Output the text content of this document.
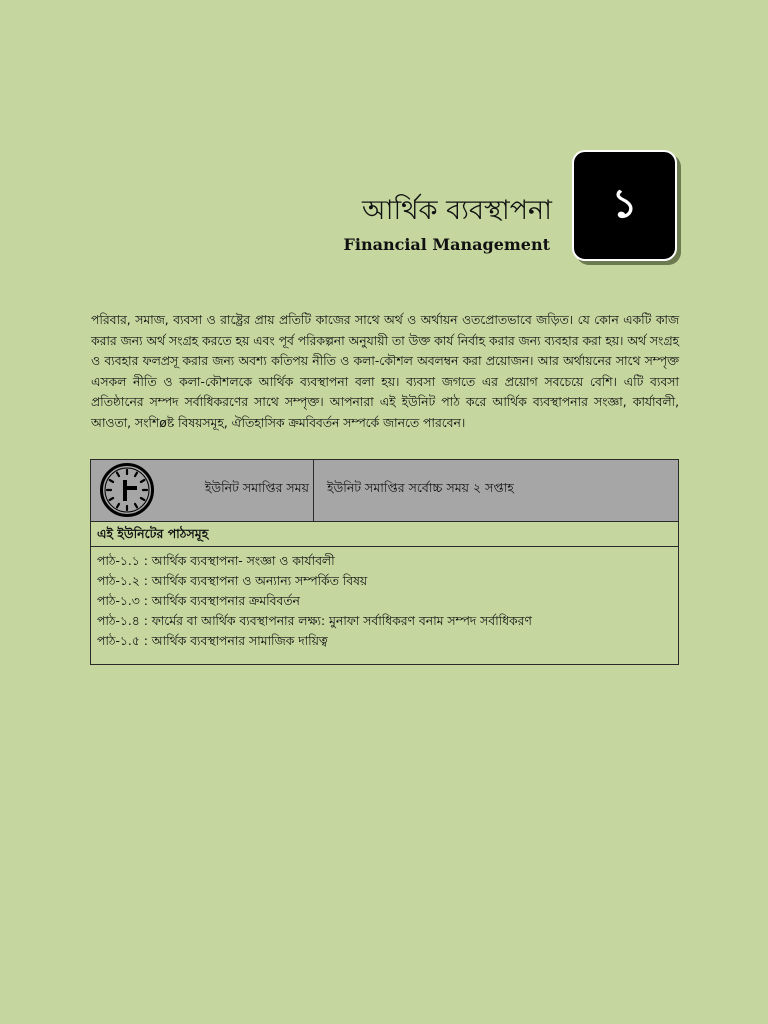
আর্থিক ব্যবস্থাপনা
Financial Management
১
পরিবার, সমাজ, ব্যবসা ও রাষ্ট্রের প্রায় প্রতিটি কাজের সাথে অর্থ ও অর্থায়ন ওতপ্রোতভাবে জড়িত। যে কোন একটি কাজ করার জন্য অর্থ সংগ্রহ করতে হয় এবং পূর্ব পরিকল্পনা অনুযায়ী তা উক্ত কার্য নির্বাহ করার জন্য ব্যবহার করা হয়। অর্থ সংগ্রহ ও ব্যবহার ফলপ্রসূ করার জন্য অবশ্য কতিপয় নীতি ও কলা-কৌশল অবলম্বন করা প্রয়োজন। আর অর্থায়নের সাথে সম্পৃক্ত এসকল নীতি ও কলা-কৌশলকে আর্থিক ব্যবস্থাপনা বলা হয়। ব্যবসা জগতে এর প্রয়োগ সবচেয়ে বেশি। এটি ব্যবসা প্রতিষ্ঠানের সম্পদ সর্বাধিকরণের সাথে সম্পৃক্ত। আপনারা এই ইউনিট পাঠ করে আর্থিক ব্যবস্থাপনার সংজ্ঞা, কার্যাবলী, আওতা, সংশিøষ্ট বিষয়সমূহ, ঐতিহাসিক ক্রমবিবর্তন সম্পর্কে জানতে পারবেন।
ইউনিট সমাপ্তির সময় ইউনিট সমাপ্তির সর্বোচ্চ সময় ২ সপ্তাহ
এই ইউনিটের পাঠসমূহ
পাঠ-১.১ : আর্থিক ব্যবস্থাপনা- সংজ্ঞা ও কার্যাবলী
পাঠ-১.২ : আর্থিক ব্যবস্থাপনা ও অন্যান্য সম্পর্কিত বিষয়
পাঠ-১.৩ : আর্থিক ব্যবস্থাপনার ক্রমবিবর্তন
পাঠ-১.৪ : ফার্মের বা আর্থিক ব্যবস্থাপনার লক্ষ্য: মুনাফা সর্বাধিকরণ বনাম সম্পদ সর্বাধিকরণ
পাঠ-১.৫ : আর্থিক ব্যবস্থাপনার সামাজিক দায়িত্ব
